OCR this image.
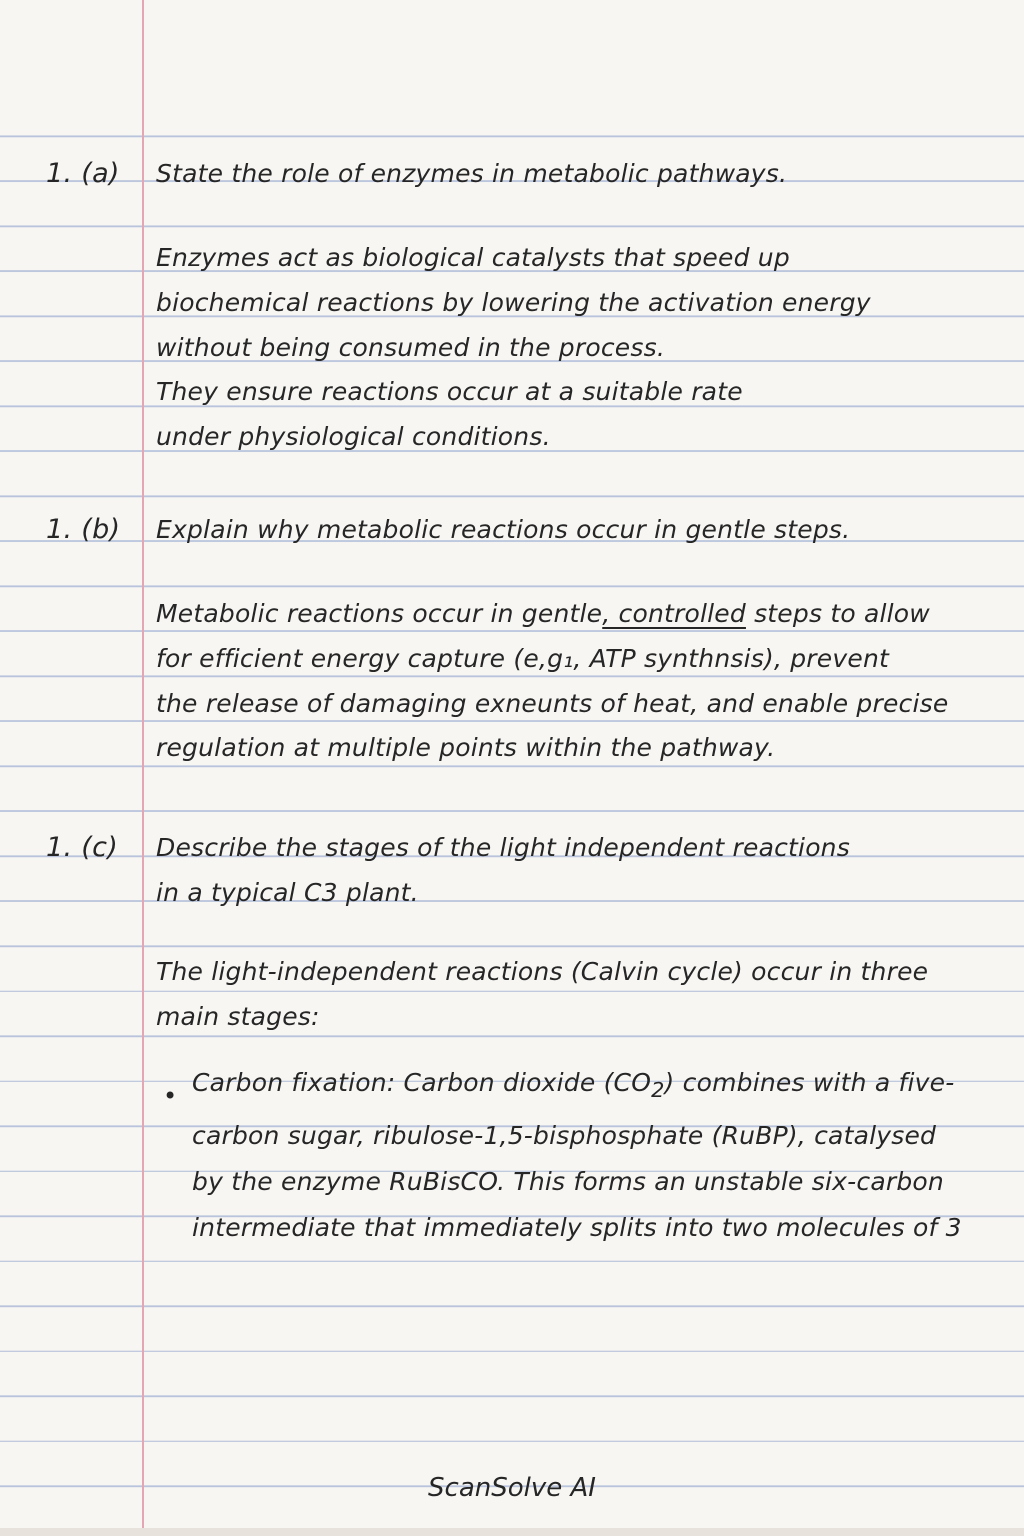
1. (a) State the role of enzymes in metabolic pathways.
Enzymes act as biological catalysts that speed up
biochemical reactions by lowering the activation energy
without being consumed in the process.
They ensure reactions occur at a suitable rate
under physiological conditions.
1. (b) Explain why metabolic reactions occur in gentle steps.
Metabolic reactions occur in gentle, controlled steps to allow
for efficient energy capture (e,g₁, ATP synthnsis), prevent
the release of damaging exneunts of heat, and enable precise
regulation at multiple points within the pathway.
1. (c) Describe the stages of the light independent reactions
in a typical C3 plant.
The light-independent reactions (Calvin cycle) occur in three
main stages:
• Carbon fixation: Carbon dioxide $(CO_2)$ combines with a five-carbon sugar, ribulose-1,5-bisphosphate (RuBP), catalysed by the enzyme RuBisCO. This forms an unstable six-carbon intermediate that immediately splits into two molecules of 3
ScanSolve AI
